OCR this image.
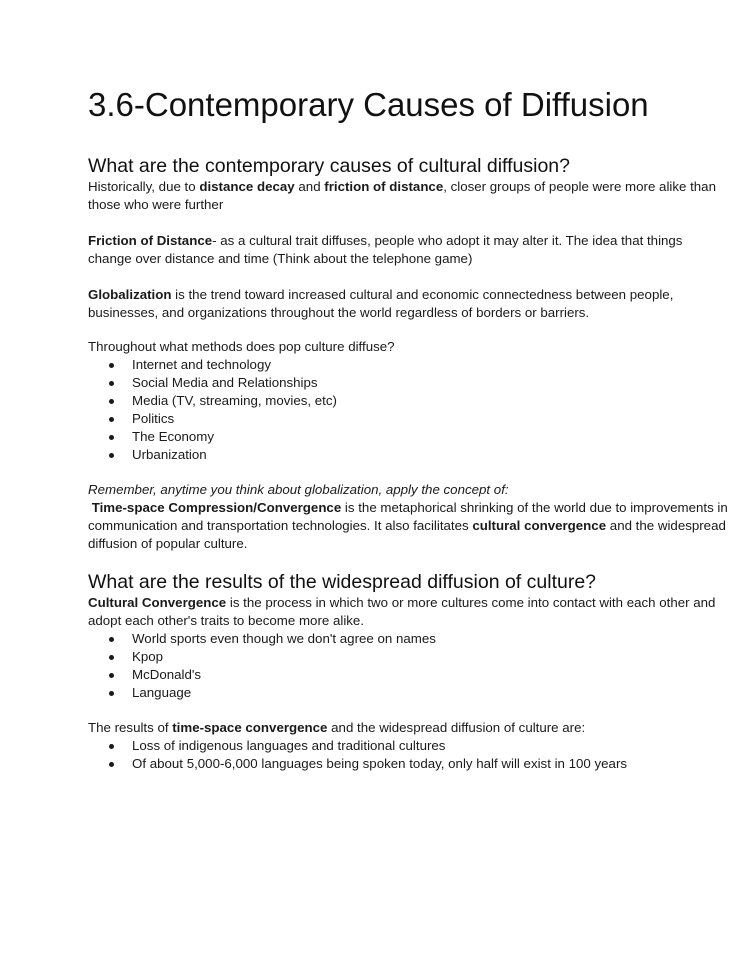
3.6-Contemporary Causes of Diffusion
What are the contemporary causes of cultural diffusion?

Historically, due to distance decay and friction of distance, closer groups of people were more alike than those who were further

Friction of Distance- as a cultural trait diffuses, people who adopt it may alter it. The idea that things change over distance and time (Think about the telephone game)

Globalization is the trend toward increased cultural and economic connectedness between people, businesses, and organizations throughout the world regardless of borders or barriers.

Throughout what methods does pop culture diffuse?

Internet and technology
Social Media and Relationships
Media (TV, streaming, movies, etc)
Politics
The Economy
Urbanization

Remember, anytime you think about globalization, apply the concept of:

Time-space Compression/Convergence is the metaphorical shrinking of the world due to improvements in communication and transportation technologies. It also facilitates cultural convergence and the widespread diffusion of popular culture.

What are the results of the widespread diffusion of culture?

Cultural Convergence is the process in which two or more cultures come into contact with each other and adopt each other's traits to become more alike.

World sports even though we don't agree on names
Kpop
McDonald's
Language

The results of time-space convergence and the widespread diffusion of culture are:

Loss of indigenous languages and traditional cultures
Of about 5,000-6,000 languages being spoken today, only half will exist in 100 years
